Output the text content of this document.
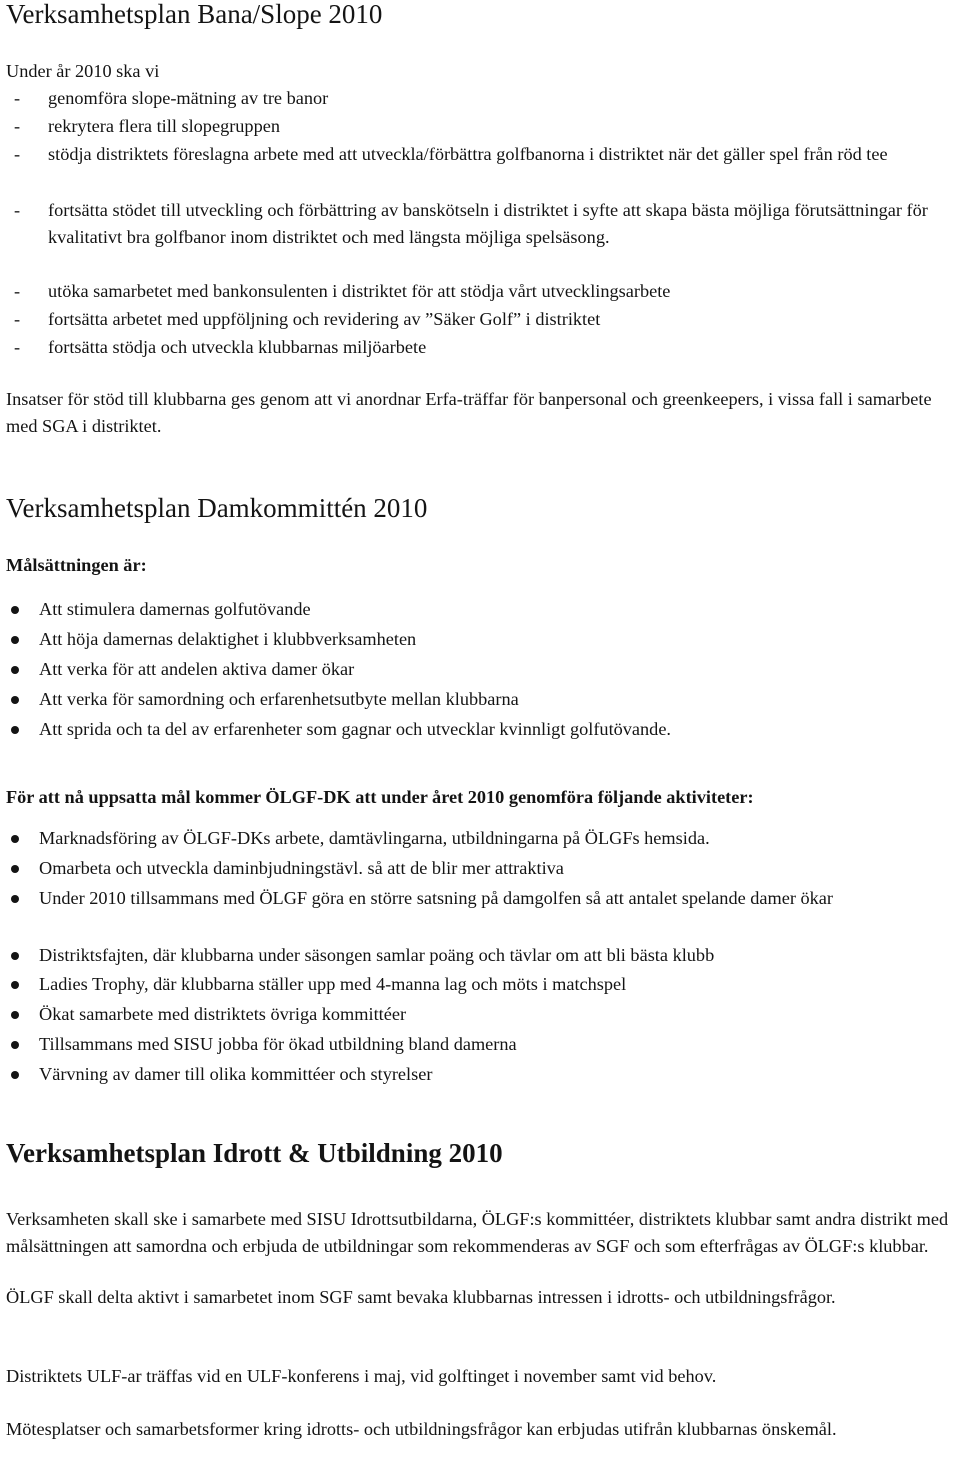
Verksamhetsplan Bana/Slope 2010
Under år 2010 ska vi
- genomföra slope-mätning av tre banor
- rekrytera flera till slopegruppen
- stödja distriktets föreslagna arbete med att utveckla/förbättra golfbanorna i distriktet när det gäller spel från röd tee
- fortsätta stödet till utveckling och förbättring av banskötseln i distriktet i syfte att skapa bästa möjliga förutsättningar för kvalitativt bra golfbanor inom distriktet och med längsta möjliga spelsäsong.
- utöka samarbetet med bankonsulenten i distriktet för att stödja vårt utvecklingsarbete
- fortsätta arbetet med uppföljning och revidering av ”Säker Golf” i distriktet
- fortsätta stödja och utveckla klubbarnas miljöarbete
Insatser för stöd till klubbarna ges genom att vi anordnar Erfa-träffar för banpersonal och greenkeepers, i vissa fall i samarbete med SGA i distriktet.
Verksamhetsplan Damkommittén 2010
Målsättningen är:
Att stimulera damernas golfutövande
Att höja damernas delaktighet i klubbverksamheten
Att verka för att andelen aktiva damer ökar
Att verka för samordning och erfarenhetsutbyte mellan klubbarna
Att sprida och ta del av erfarenheter som gagnar och utvecklar kvinnligt golfutövande.
För att nå uppsatta mål kommer ÖLGF-DK att under året 2010 genomföra följande aktiviteter:
Marknadsföring av ÖLGF-DKs arbete, damtävlingarna, utbildningarna på ÖLGFs hemsida.
Omarbeta och utveckla daminbjudningstävl. så att de blir mer attraktiva
Under 2010 tillsammans med ÖLGF göra en större satsning på damgolfen så att antalet spelande damer ökar
Distriktsfajten, där klubbarna under säsongen samlar poäng och tävlar om att bli bästa klubb
Ladies Trophy, där klubbarna ställer upp med 4-manna lag och möts i matchspel
Ökat samarbete med distriktets övriga kommittéer
Tillsammans med SISU jobba för ökad utbildning bland damerna
Värvning av damer till olika kommittéer och styrelser
Verksamhetsplan Idrott & Utbildning 2010
Verksamheten skall ske i samarbete med SISU Idrottsutbildarna, ÖLGF:s kommittéer, distriktets klubbar samt andra distrikt med målsättningen att samordna och erbjuda de utbildningar som rekommenderas av SGF och som efterfrågas av ÖLGF:s klubbar.
ÖLGF skall delta aktivt i samarbetet inom SGF samt bevaka klubbarnas intressen i idrotts- och utbildningsfrågor.
Distriktets ULF-ar träffas vid en ULF-konferens i maj, vid golftinget i november samt vid behov.
Mötesplatser och samarbetsformer kring idrotts- och utbildningsfrågor kan erbjudas utifrån klubbarnas önskemål.
